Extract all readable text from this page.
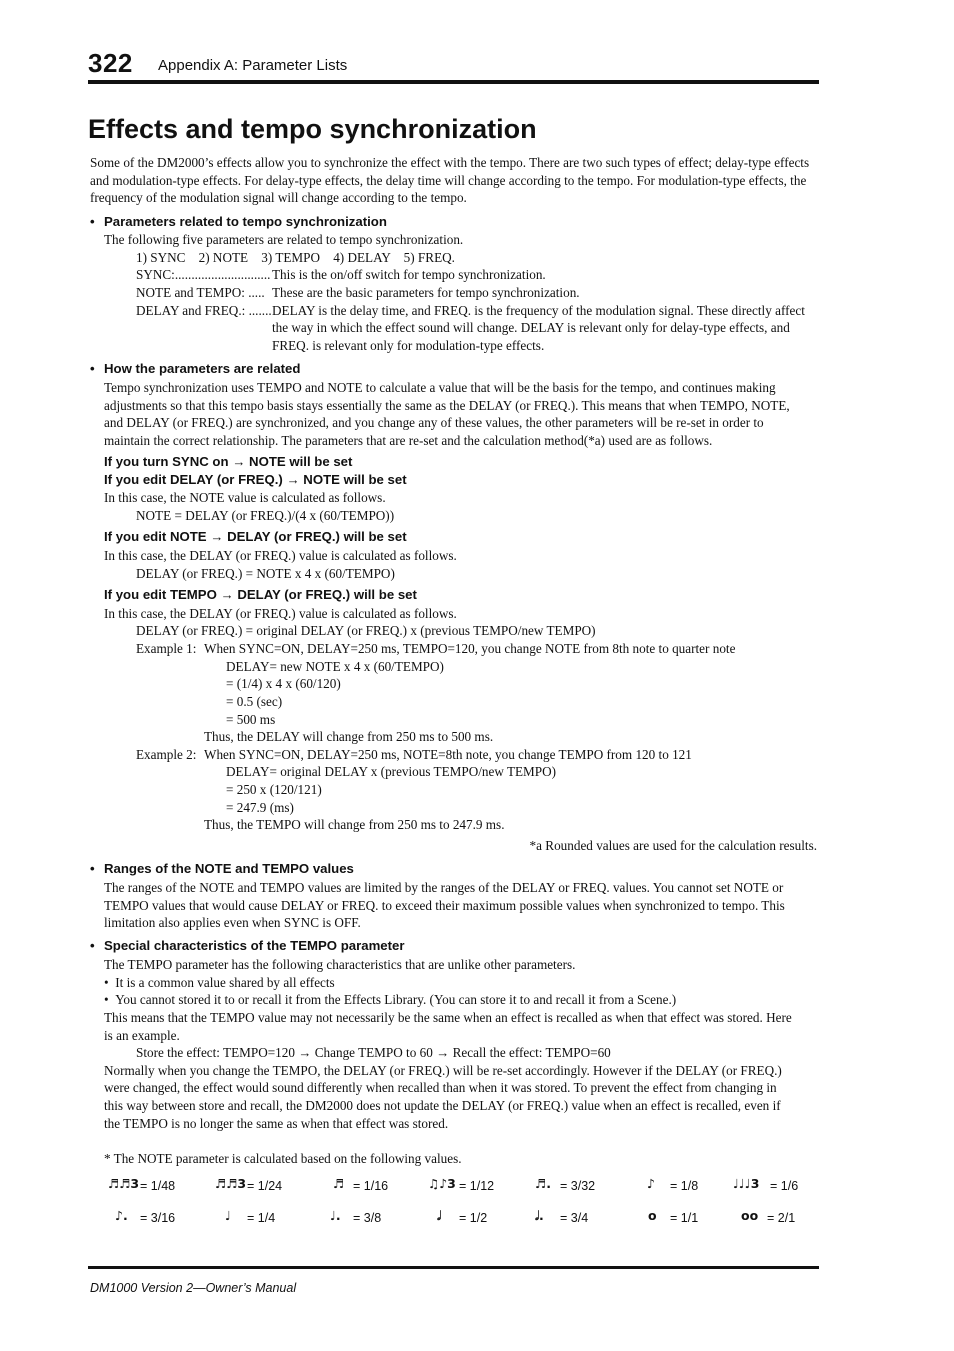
322 Appendix A: Parameter Lists
Effects and tempo synchronization
Some of the DM2000’s effects allow you to synchronize the effect with the tempo. There are two such types of effect; delay-type effects and modulation-type effects. For delay-type effects, the delay time will change according to the tempo. For modulation-type effects, the frequency of the modulation signal will change according to the tempo.
• Parameters related to tempo synchronization
The following five parameters are related to tempo synchronization.
1) SYNC    2) NOTE    3) TEMPO    4) DELAY    5) FREQ.
SYNC:............................. This is the on/off switch for tempo synchronization.
NOTE and TEMPO: ..... These are the basic parameters for tempo synchronization.
DELAY and FREQ.: ....... DELAY is the delay time, and FREQ. is the frequency of the modulation signal. These directly affect
the way in which the effect sound will change. DELAY is relevant only for delay-type effects, and
FREQ. is relevant only for modulation-type effects.
• How the parameters are related
Tempo synchronization uses TEMPO and NOTE to calculate a value that will be the basis for the tempo, and continues making
adjustments so that this tempo basis stays essentially the same as the DELAY (or FREQ.). This means that when TEMPO, NOTE,
and DELAY (or FREQ.) are synchronized, and you change any of these values, the other parameters will be re-set in order to
maintain the correct relationship. The parameters that are re-set and the calculation method(*a) used are as follows.
If you turn SYNC on → NOTE will be set
If you edit DELAY (or FREQ.) → NOTE will be set
In this case, the NOTE value is calculated as follows.
NOTE = DELAY (or FREQ.)/(4 x (60/TEMPO))
If you edit NOTE → DELAY (or FREQ.) will be set
In this case, the DELAY (or FREQ.) value is calculated as follows.
DELAY (or FREQ.) = NOTE x 4 x (60/TEMPO)
If you edit TEMPO → DELAY (or FREQ.) will be set
In this case, the DELAY (or FREQ.) value is calculated as follows.
DELAY (or FREQ.) = original DELAY (or FREQ.) x (previous TEMPO/new TEMPO)
Example 1: When SYNC=ON, DELAY=250 ms, TEMPO=120, you change NOTE from 8th note to quarter note
DELAY= new NOTE x 4 x (60/TEMPO)
= (1/4) x 4 x (60/120)
= 0.5 (sec)
= 500 ms
Thus, the DELAY will change from 250 ms to 500 ms.
Example 2: When SYNC=ON, DELAY=250 ms, NOTE=8th note, you change TEMPO from 120 to 121
DELAY= original DELAY x (previous TEMPO/new TEMPO)
= 250 x (120/121)
= 247.9 (ms)
Thus, the TEMPO will change from 250 ms to 247.9 ms.
*a Rounded values are used for the calculation results.
• Ranges of the NOTE and TEMPO values
The ranges of the NOTE and TEMPO values are limited by the ranges of the DELAY or FREQ. values. You cannot set NOTE or
TEMPO values that would cause DELAY or FREQ. to exceed their maximum possible values when synchronized to tempo. This
limitation also applies even when SYNC is OFF.
• Special characteristics of the TEMPO parameter
The TEMPO parameter has the following characteristics that are unlike other parameters.
•  It is a common value shared by all effects
•  You cannot stored it to or recall it from the Effects Library. (You can store it to and recall it from a Scene.)
This means that the TEMPO value may not necessarily be the same when an effect is recalled as when that effect was stored. Here
is an example.
Store the effect: TEMPO=120 → Change TEMPO to 60 → Recall the effect: TEMPO=60
Normally when you change the TEMPO, the DELAY (or FREQ.) will be re-set accordingly. However if the DELAY (or FREQ.)
were changed, the effect would sound differently when recalled than when it was stored. To prevent the effect from changing in
this way between store and recall, the DM2000 does not update the DELAY (or FREQ.) value when an effect is recalled, even if
the TEMPO is no longer the same as when that effect was stored.
* The NOTE parameter is calculated based on the following values.
♬♬3 = 1/48	♬♬3 = 1/24	♬ = 1/16	♫♪3 = 1/12	♬. = 3/32	♪ = 1/8	♩♩♩3 = 1/6
♪. = 3/16	♩ = 1/4	♩. = 3/8	𝅗𝅥 = 1/2	𝅗𝅥. = 3/4	o = 1/1	oo = 2/1
DM1000 Version 2—Owner’s Manual
